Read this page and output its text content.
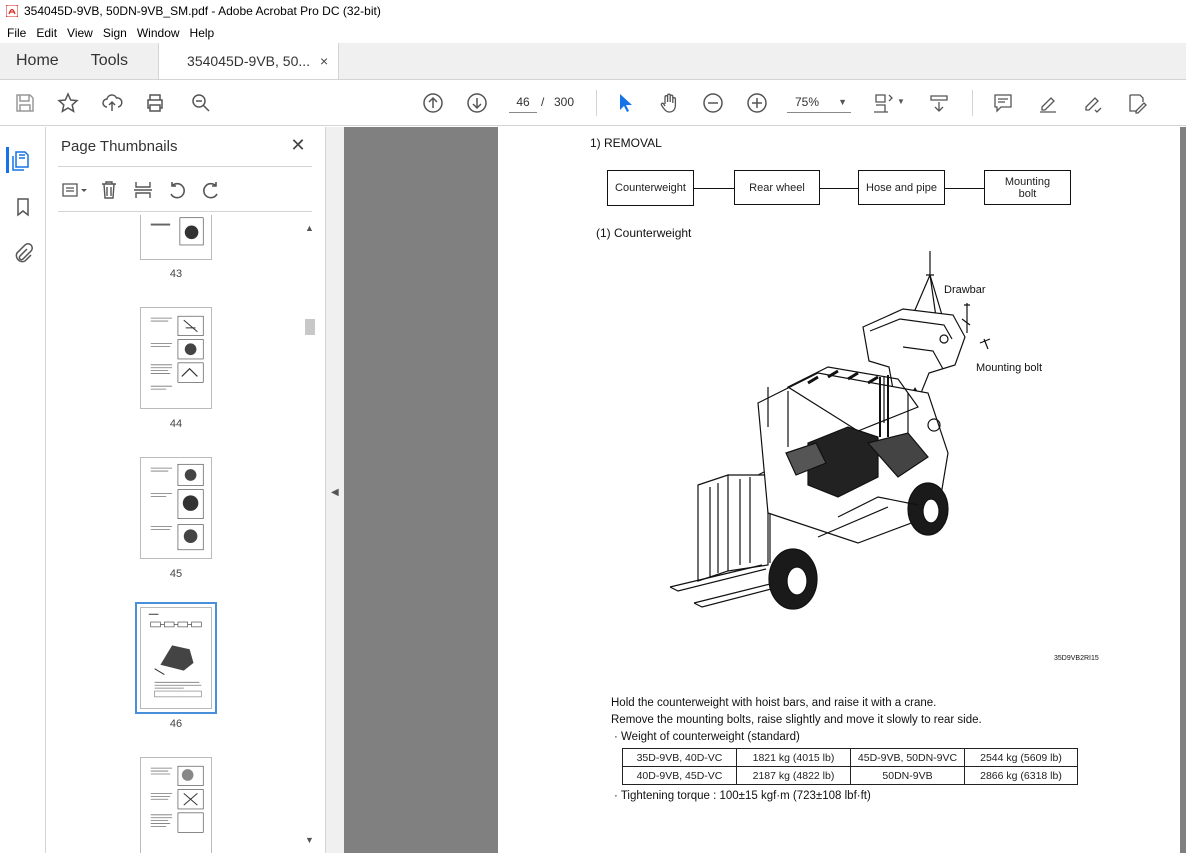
354045D-9VB, 50DN-9VB_SM.pdf - Adobe Acrobat Pro DC (32-bit)
File Edit View Sign Window Help
Home	Tools	354045D-9VB, 50... ×
46
/ 300	75% ▼	▼
Page Thumbnails	✕
43
44
45
46
▲
▼
◀
1) REMOVAL
Counterweight	Rear wheel	Hose and pipe	Mounting
bolt
(1) Counterweight
Drawbar
Mounting bolt
35D9VB2RI15
Hold the counterweight with hoist bars, and raise it with a crane.
Remove the mounting bolts, raise slightly and move it slowly to rear side.
· Weight of counterweight (standard)
35D-9VB, 40D-VC	1821 kg (4015 lb)	45D-9VB, 50DN-9VC	2544 kg (5609 lb)
40D-9VB, 45D-VC	2187 kg (4822 lb)	50DN-9VB	2866 kg (6318 lb)
· Tightening torque : 100±15 kgf·m (723±108 lbf·ft)
